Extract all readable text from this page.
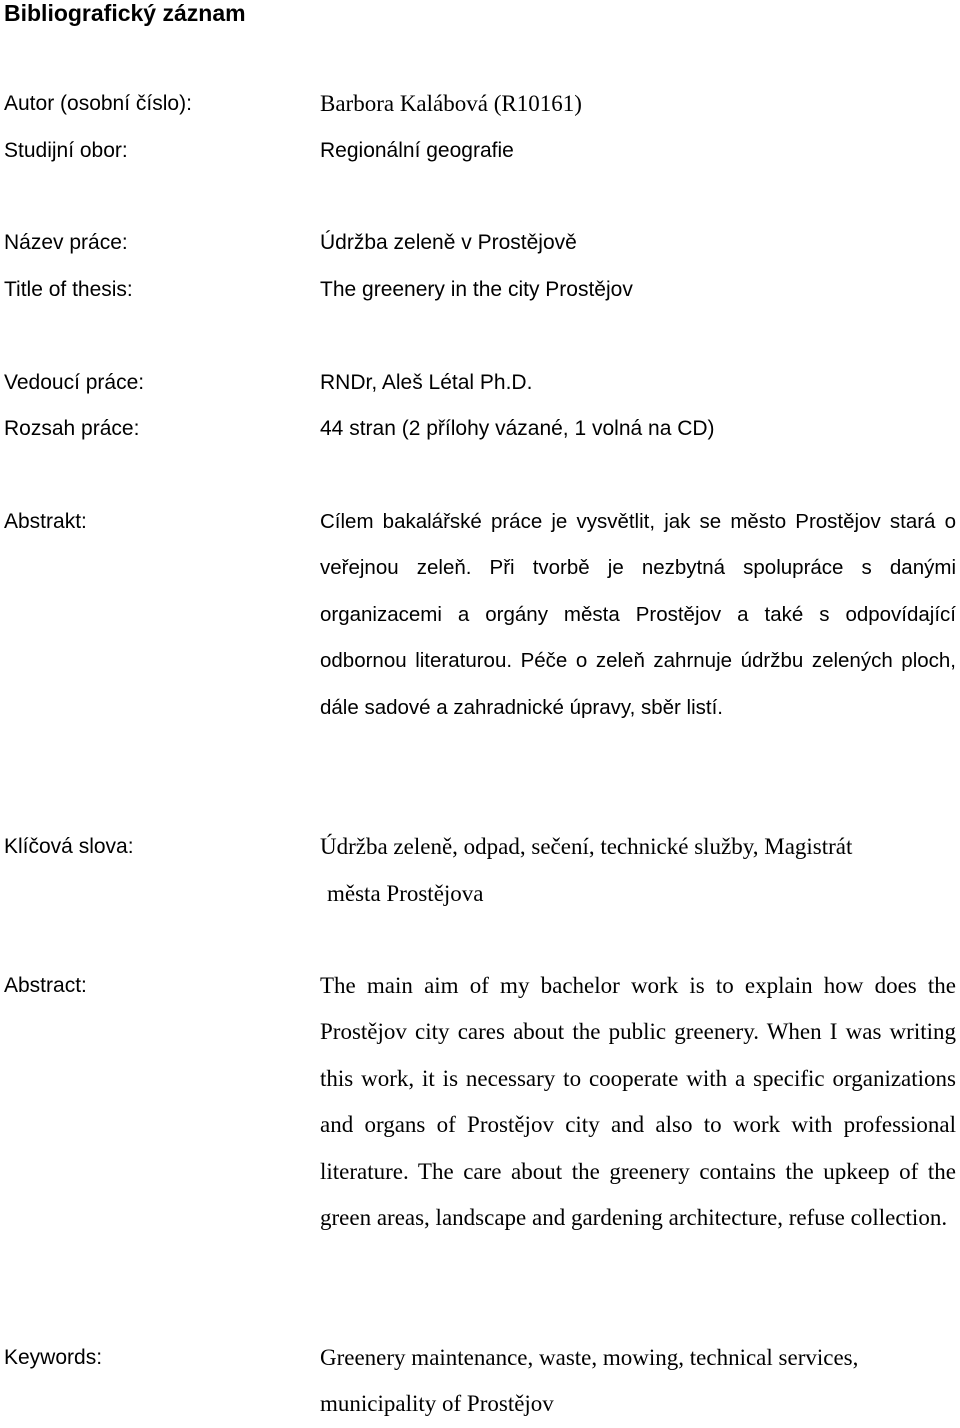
Bibliografický záznam
Autor (osobní číslo):	Barbora Kalábová (R10161)
Studijní obor:	Regionální geografie
Název práce:	Údržba zeleně v Prostějově
Title of thesis:	The greenery in the city Prostějov
Vedoucí práce:	RNDr, Aleš Létal Ph.D.
Rozsah práce:	44 stran (2 přílohy vázané, 1 volná na CD)
Abstrakt:	Cílem bakalářské práce je vysvětlit, jak se město Prostějov stará o veřejnou zeleň. Při tvorbě je nezbytná spolupráce s danými organizacemi a orgány města Prostějov a také s odpovídající odbornou literaturou. Péče o zeleň zahrnuje údržbu zelených ploch, dále sadové a zahradnické úpravy, sběr listí.
Klíčová slova:	Údržba zeleně, odpad, sečení, technické služby, Magistrát
města Prostějova
Abstract:	The main aim of my bachelor work is to explain how does the Prostějov city cares about the public greenery. When I was writing this work, it is necessary to cooperate with a specific organizations and organs of Prostějov city and also to work with professional literature. The care about the greenery contains the upkeep of the green areas, landscape and gardening architecture, refuse collection.
Keywords:	Greenery maintenance, waste, mowing, technical services, municipality of Prostějov
